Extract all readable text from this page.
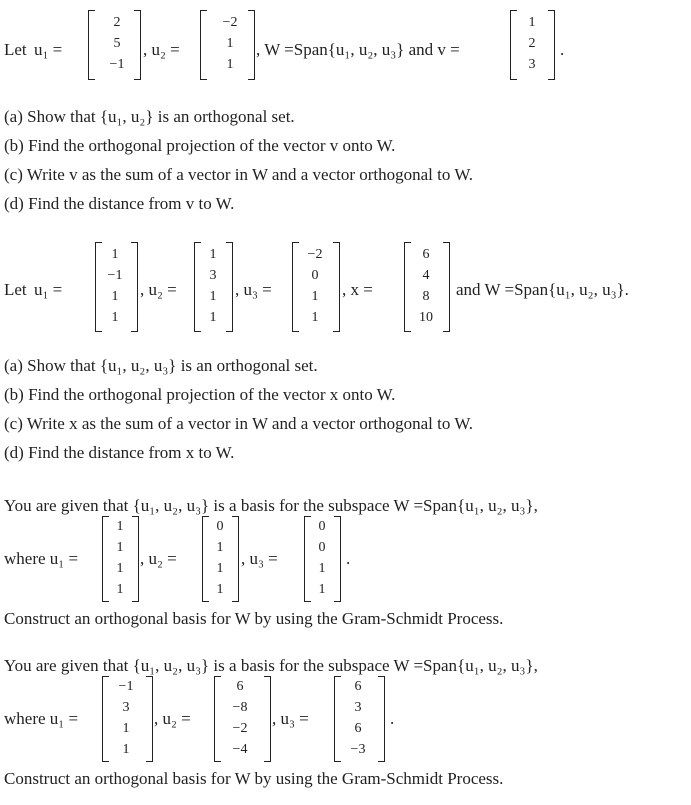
Let u₁ =
2
5
−1
, u₂ =
−2
1
1
, W =Span{u₁, u₂, u₃} and v =
1
2
3
.
(a) Show that {u₁, u₂} is an orthogonal set.
(b) Find the orthogonal projection of the vector v onto W.
(c) Write v as the sum of a vector in W and a vector orthogonal to W.
(d) Find the distance from v to W.
Let u₁ =
1
−1
1
1
, u₂ =
1
3
1
1
, u₃ =
−2
0
1
1
, x =
6
4
8
10
and W =Span{u₁, u₂, u₃}.
(a) Show that {u₁, u₂, u₃} is an orthogonal set.
(b) Find the orthogonal projection of the vector x onto W.
(c) Write x as the sum of a vector in W and a vector orthogonal to W.
(d) Find the distance from x to W.
You are given that {u₁, u₂, u₃} is a basis for the subspace W =Span{u₁, u₂, u₃},
where u₁ =
1
1
1
1
, u₂ =
0
1
1
1
, u₃ =
0
0
1
1
.
Construct an orthogonal basis for W by using the Gram-Schmidt Process.
You are given that {u₁, u₂, u₃} is a basis for the subspace W =Span{u₁, u₂, u₃},
where u₁ =
−1
3
1
1
, u₂ =
6
−8
−2
−4
, u₃ =
6
3
6
−3
.
Construct an orthogonal basis for W by using the Gram-Schmidt Process.
